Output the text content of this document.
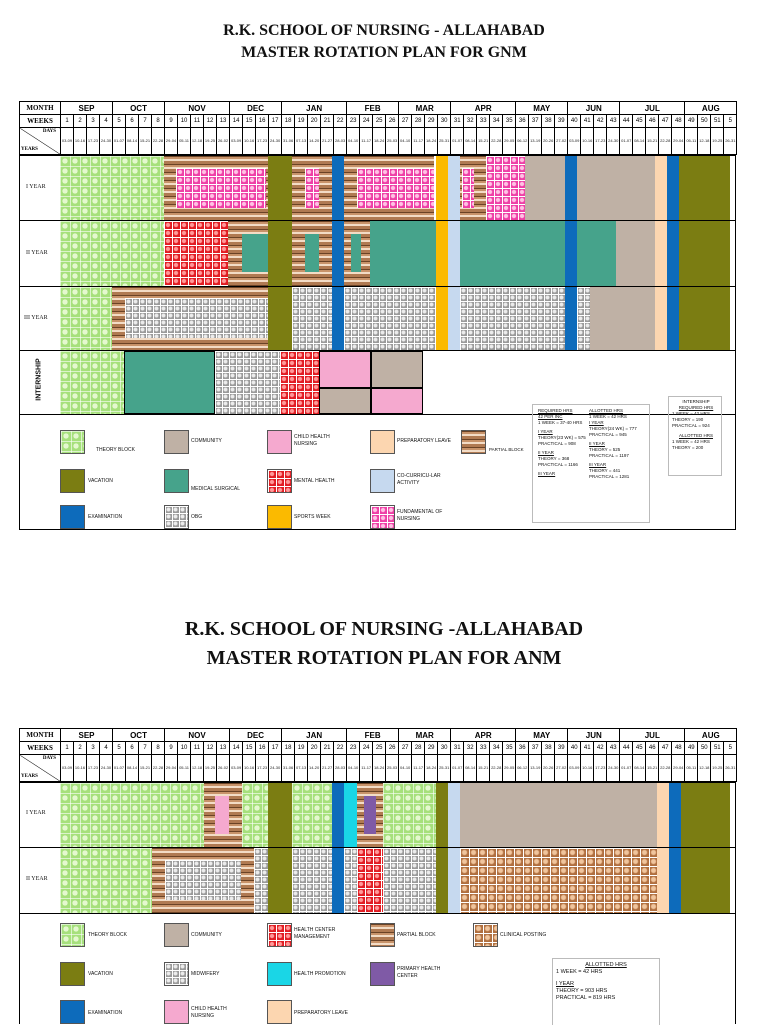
R.K. SCHOOL OF NURSING - ALLAHABAD
MASTER ROTATION PLAN FOR GNM
MONTH	SEP				OCT				NOV					DEC				JAN					FEB				MAR				APR					MAY				JUN				JUL					AUG			
WEEKS	1	2	3	4	5	6	7	8	9	10	11	12	13	14	15	16	17	18	19	20	21	22	23	24	25	26	27	28	29	30	31	32	33	34	35	36	37	38	39	40	41	42	43	44	45	46	47	48	49	50	51	5

DAYS
YEARS	03-09	10-16	17-23	24-30	01-07	08-14	15-21	22-28	29-04	05-11	12-18	19-25	26-02	03-09	10-16	17-23	24-30	31-06	07-13	14-20	21-27	28-03	04-10	11-17	18-24	25-03	04-10	11-17	18-24	25-31	01-07	08-14	15-21	22-28	29-05	06-12	13-19	20-26	27-02	03-09	10-16	17-23	24-30	01-07	08-14	15-21	22-28	29-04	05-11	12-18	19-25	26-31
I YEAR
II YEAR
III YEAR
INTERNSHIP
THEORY BLOCK
COMMUNITY
CHILD HEALTH NURSING	PREPARATORY LEAVE
PARTIAL BLOCK
VACATION
MEDICAL SURGICAL
MENTAL HEALTH
CO-CURRICU-LAR ACTIVITY
EXAMINATION	OBG	SPORTS WEEK
FUNDAMENTAL OF NURSING
REQUIRED HRS
42 PER INC
1 WEEK = 37-40 HRS
I YEAR
THEORY(23 WK) = 575
PRACTICAL = 908
II YEAR
THEORY = 368
PRACTICAL = 1166
III YEAR
ALLOTTED HRS
1 WEEK = 42 HRS
I YEAR
THEORY(24 WK) = 777
PRACTICAL = 945
II YEAR
THEORY = 525
PRACTICAL = 1197
III YEAR
THEORY = 441
PRACTICAL = 1281
INTERNSHIP
REQUIRED HRS
1 WEEK = 42 HRS
THEORY = 190
PRACTICAL = 924
ALLOTTED HRS
1 WEEK = 42 HRS
THEORY = 200
R.K. SCHOOL OF NURSING -ALLAHABAD
MASTER ROTATION PLAN FOR ANM
MONTH	SEP				OCT				NOV					DEC				JAN					FEB				MAR				APR					MAY				JUN				JUL					AUG			
WEEKS	1	2	3	4	5	6	7	8	9	10	11	12	13	14	15	16	17	18	19	20	21	22	23	24	25	26	27	28	29	30	31	32	33	34	35	36	37	38	39	40	41	42	43	44	45	46	47	48	49	50	51	5

DAYS
YEARS	03-09	10-16	17-23	24-30	01-07	08-14	15-21	22-28	29-04	05-11	12-18	19-25	26-02	03-09	10-16	17-23	24-30	31-06	07-13	14-20	21-27	28-03	04-10	11-17	18-24	25-03	04-10	11-17	18-24	25-31	01-07	08-14	15-21	22-28	29-05	06-12	13-19	20-26	27-02	03-09	10-16	17-23	24-30	01-07	08-14	15-21	22-28	29-04	05-11	12-18	19-25	26-31
I YEAR
II YEAR
THEORY BLOCK	COMMUNITY
HEALTH CENTER MANAGEMENT	PARTIAL BLOCK	CLINICAL POSTING
VACATION	MIDWIFERY	HEALTH PROMOTION
PRIMARY HEALTH CENTER
EXAMINATION
CHILD HEALTH NURSING	PREPARATORY LEAVE
ALLOTTED HRS
1 WEEK = 42 HRS
I YEAR
THEORY = 903 HRS
PRACTICAL = 819 HRS
